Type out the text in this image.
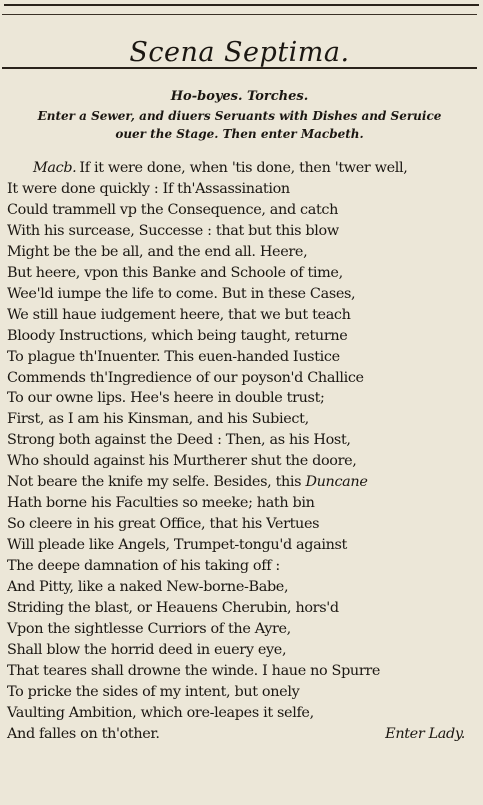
Scena Septima.
Ho-boyes. Torches.
Enter a Sewer, and diuers Seruants with Dishes and Seruice
ouer the Stage. Then enter Macbeth.
Macb. If it were done, when 'tis done, then 'twer well,
It were done quickly : If th'Assassination
Could trammell vp the Consequence, and catch
With his surcease, Successe : that but this blow
Might be the be all, and the end all. Heere,
But heere, vpon this Banke and Schoole of time,
Wee'ld iumpe the life to come. But in these Cases,
We still haue iudgement heere, that we but teach
Bloody Instructions, which being taught, returne
To plague th'Inuenter. This euen-handed Iustice
Commends th'Ingredience of our poyson'd Challice
To our owne lips. Hee's heere in double trust;
First, as I am his Kinsman, and his Subiect,
Strong both against the Deed : Then, as his Host,
Who should against his Murtherer shut the doore,
Not beare the knife my selfe. Besides, this Duncane
Hath borne his Faculties so meeke; hath bin
So cleere in his great Office, that his Vertues
Will pleade like Angels, Trumpet-tongu'd against
The deepe damnation of his taking off :
And Pitty, like a naked New-borne-Babe,
Striding the blast, or Heauens Cherubin, hors'd
Vpon the sightlesse Curriors of the Ayre,
Shall blow the horrid deed in euery eye,
That teares shall drowne the winde. I haue no Spurre
To pricke the sides of my intent, but onely
Vaulting Ambition, which ore-leapes it selfe,
And falles on th'other.	Enter Lady.
